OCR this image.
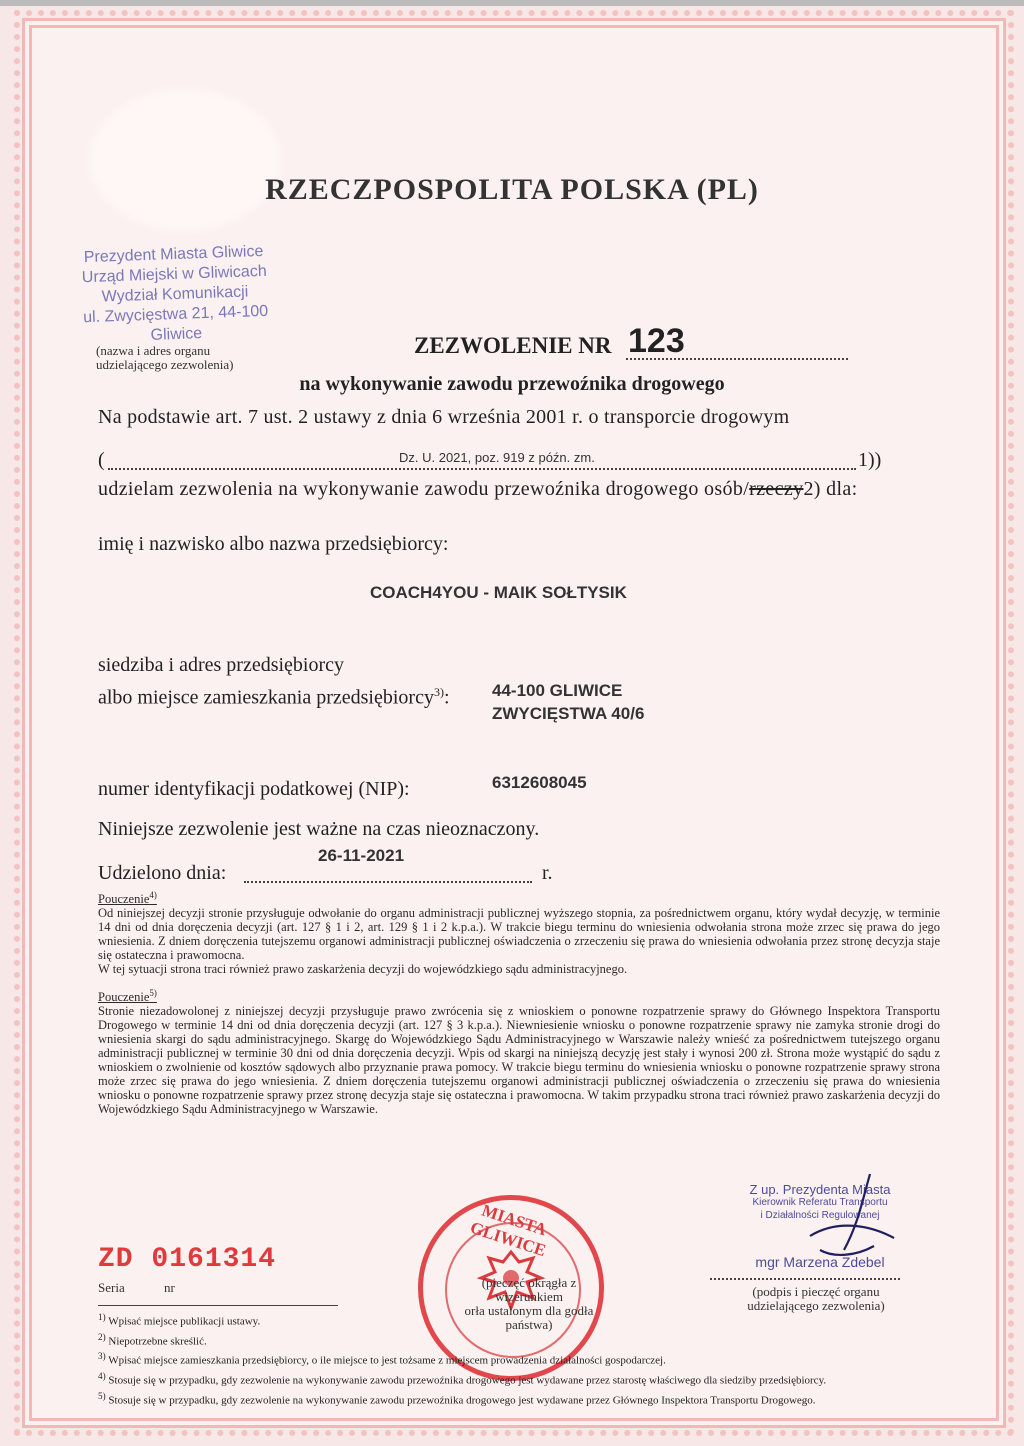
RZECZPOSPOLITA POLSKA (PL)
Prezydent Miasta Gliwice
Urząd Miejski w Gliwicach
Wydział Komunikacji
ul. Zwycięstwa 21, 44-100 Gliwice
(nazwa i adres organu
udzielającego zezwolenia)
ZEZWOLENIE NR 123
na wykonywanie zawodu przewoźnika drogowego
Na podstawie art. 7 ust. 2 ustawy z dnia 6 września 2001 r. o transporcie drogowym
(	Dz. U. 2021, poz. 919 z późn. zm.	1))
udzielam zezwolenia na wykonywanie zawodu przewoźnika drogowego osób/rzeczy2) dla:
imię i nazwisko albo nazwa przedsiębiorcy:
COACH4YOU - MAIK SOŁTYSIK
siedziba i adres przedsiębiorcy
albo miejsce zamieszkania przedsiębiorcy$^{3)}$: 44-100 GLIWICE
ZWYCIĘSTWA 40/6
numer identyfikacji podatkowej (NIP):	6312608045
Niniejsze zezwolenie jest ważne na czas nieoznaczony.
26-11-2021
Udzielono dnia:	r.
Pouczenie$^{4)}$
Od niniejszej decyzji stronie przysługuje odwołanie do organu administracji publicznej wyższego stopnia, za pośrednictwem organu, który wydał decyzję, w terminie 14 dni od dnia doręczenia decyzji (art. 127 § 1 i 2, art. 129 § 1 i 2 k.p.a.). W trakcie biegu terminu do wniesienia odwołania strona może zrzec się prawa do jego wniesienia. Z dniem doręczenia tutejszemu organowi administracji publicznej oświadczenia o zrzeczeniu się prawa do wniesienia odwołania przez stronę decyzja staje się ostateczna i prawomocna.
W tej sytuacji strona traci również prawo zaskarżenia decyzji do wojewódzkiego sądu administracyjnego.
Pouczenie$^{5)}$
Stronie niezadowolonej z niniejszej decyzji przysługuje prawo zwrócenia się z wnioskiem o ponowne rozpatrzenie sprawy do Głównego Inspektora Transportu Drogowego w terminie 14 dni od dnia doręczenia decyzji (art. 127 § 3 k.p.a.). Niewniesienie wniosku o ponowne rozpatrzenie sprawy nie zamyka stronie drogi do wniesienia skargi do sądu administracyjnego. Skargę do Wojewódzkiego Sądu Administracyjnego w Warszawie należy wnieść za pośrednictwem tutejszego organu administracji publicznej w terminie 30 dni od dnia doręczenia decyzji. Wpis od skargi na niniejszą decyzję jest stały i wynosi 200 zł. Strona może wystąpić do sądu z wnioskiem o zwolnienie od kosztów sądowych albo przyznanie prawa pomocy. W trakcie biegu terminu do wniesienia wniosku o ponowne rozpatrzenie sprawy strona może zrzec się prawa do jego wniesienia. Z dniem doręczenia tutejszemu organowi administracji publicznej oświadczenia o zrzeczeniu się prawa do wniesienia wniosku o ponowne rozpatrzenie sprawy przez stronę decyzja staje się ostateczna i prawomocna. W takim przypadku strona traci również prawo zaskarżenia decyzji do Wojewódzkiego Sądu Administracyjnego w Warszawie.
ZD 0161314
Seria	nr
MIASTA GLIWICE
(pieczęć okrągła z wizerunkiem
orła ustalonym dla godła państwa)
Z up. Prezydenta Miasta
Kierownik Referatu Transportu
i Działalności Regulowanej
mgr Marzena Zdebel
(podpis i pieczęć organu
udzielającego zezwolenia)
$^{1)}$ Wpisać miejsce publikacji ustawy.
$^{2)}$ Niepotrzebne skreślić.
$^{3)}$ Wpisać miejsce zamieszkania przedsiębiorcy, o ile miejsce to jest tożsame z miejscem prowadzenia działalności gospodarczej.
$^{4)}$ Stosuje się w przypadku, gdy zezwolenie na wykonywanie zawodu przewoźnika drogowego jest wydawane przez starostę właściwego dla siedziby przedsiębiorcy.
$^{5)}$ Stosuje się w przypadku, gdy zezwolenie na wykonywanie zawodu przewoźnika drogowego jest wydawane przez Głównego Inspektora Transportu Drogowego.
